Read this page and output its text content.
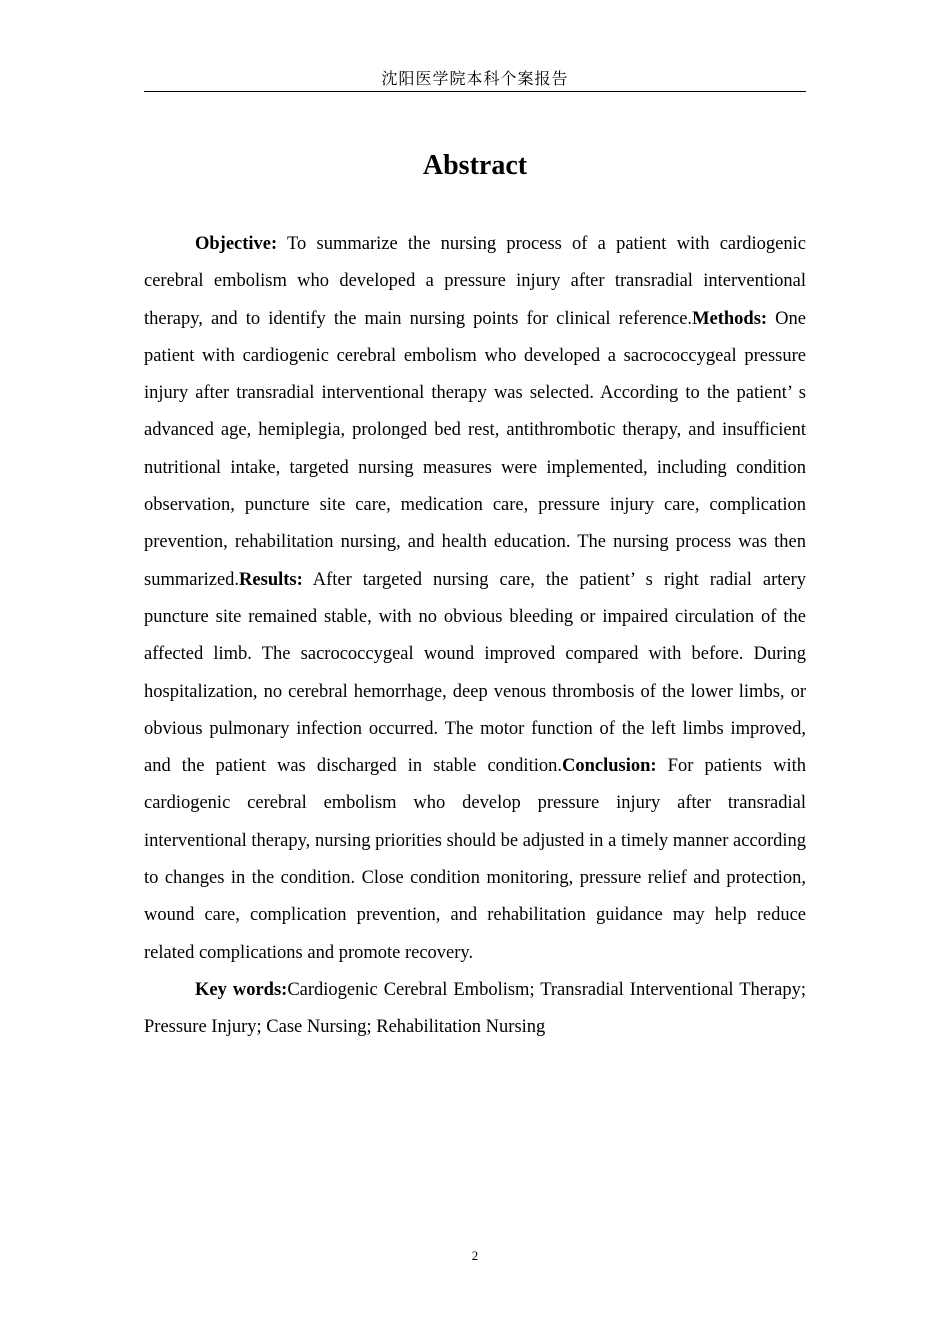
沈阳医学院本科个案报告
Abstract

Objective: To summarize the nursing process of a patient with cardiogenic cerebral embolism who developed a pressure injury after transradial interventional therapy, and to identify the main nursing points for clinical reference.Methods: One patient with cardiogenic cerebral embolism who developed a sacrococcygeal pressure injury after transradial interventional therapy was selected. According to the patient’ s advanced age, hemiplegia, prolonged bed rest, antithrombotic therapy, and insufficient nutritional intake, targeted nursing measures were implemented, including condition observation, puncture site care, medication care, pressure injury care, complication prevention, rehabilitation nursing, and health education. The nursing process was then summarized.Results: After targeted nursing care, the patient’ s right radial artery puncture site remained stable, with no obvious bleeding or impaired circulation of the affected limb. The sacrococcygeal wound improved compared with before. During hospitalization, no cerebral hemorrhage, deep venous thrombosis of the lower limbs, or obvious pulmonary infection occurred. The motor function of the left limbs improved, and the patient was discharged in stable condition.Conclusion: For patients with cardiogenic cerebral embolism who develop pressure injury after transradial interventional therapy, nursing priorities should be adjusted in a timely manner according to changes in the condition. Close condition monitoring, pressure relief and protection, wound care, complication prevention, and rehabilitation guidance may help reduce related complications and promote recovery.

Key words:Cardiogenic Cerebral Embolism; Transradial Interventional Therapy; Pressure Injury; Case Nursing; Rehabilitation Nursing

2
